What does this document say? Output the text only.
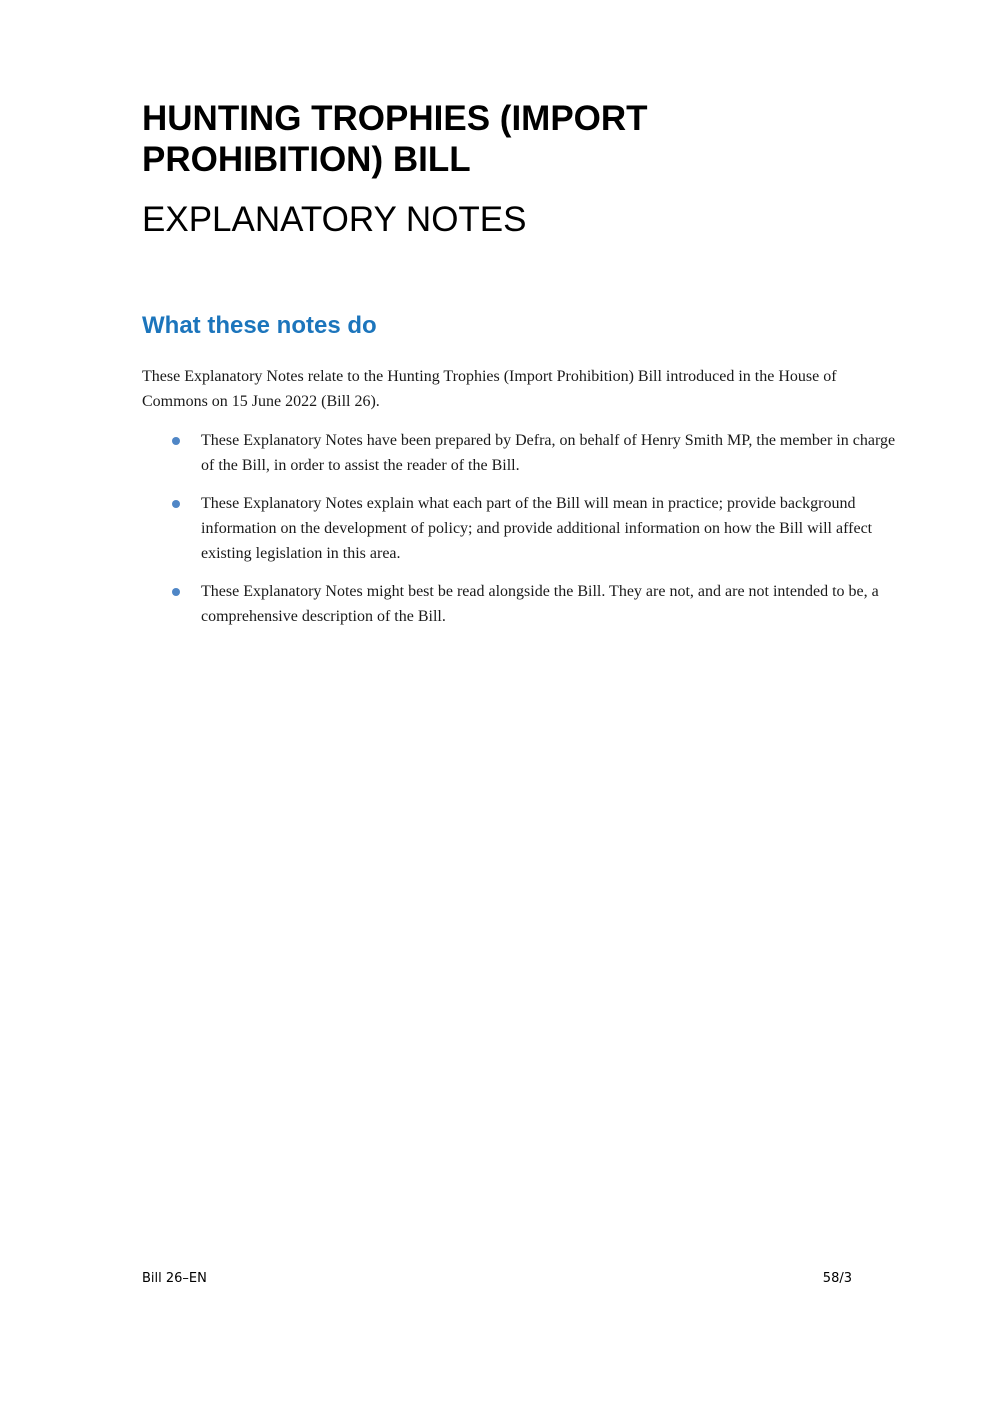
HUNTING TROPHIES (IMPORT PROHIBITION) BILL
EXPLANATORY NOTES
What these notes do

These Explanatory Notes relate to the Hunting Trophies (Import Prohibition) Bill introduced in the House of Commons on 15 June 2022 (Bill 26).

These Explanatory Notes have been prepared by Defra, on behalf of Henry Smith MP, the member in charge of the Bill, in order to assist the reader of the Bill.
These Explanatory Notes explain what each part of the Bill will mean in practice; provide background information on the development of policy; and provide additional information on how the Bill will affect existing legislation in this area.
These Explanatory Notes might best be read alongside the Bill. They are not, and are not intended to be, a comprehensive description of the Bill.
Bill 26–EN	58/3
